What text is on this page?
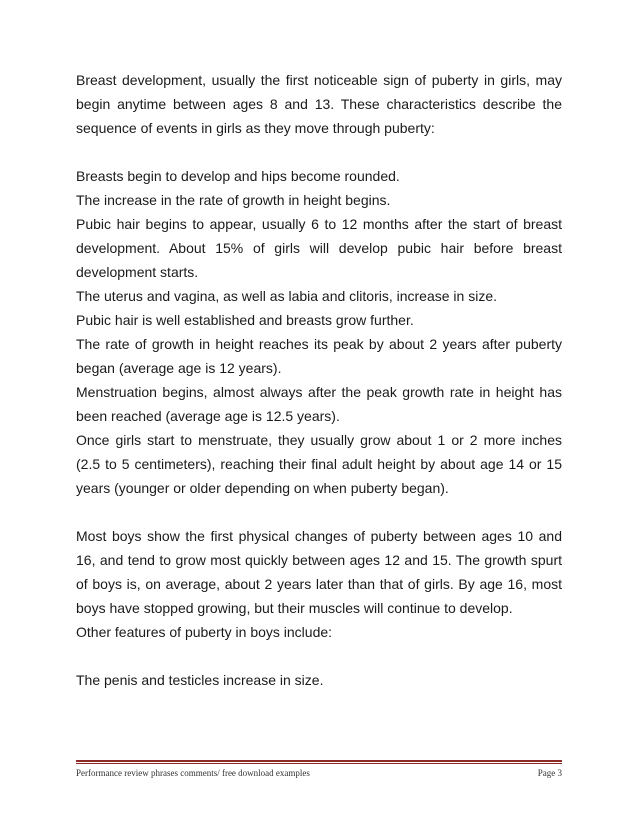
Breast development, usually the first noticeable sign of puberty in girls, may begin anytime between ages 8 and 13. These characteristics describe the sequence of events in girls as they move through puberty:

Breasts begin to develop and hips become rounded.

The increase in the rate of growth in height begins.

Pubic hair begins to appear, usually 6 to 12 months after the start of breast development. About 15% of girls will develop pubic hair before breast development starts.

The uterus and vagina, as well as labia and clitoris, increase in size.

Pubic hair is well established and breasts grow further.

The rate of growth in height reaches its peak by about 2 years after puberty began (average age is 12 years).

Menstruation begins, almost always after the peak growth rate in height has been reached (average age is 12.5 years).

Once girls start to menstruate, they usually grow about 1 or 2 more inches (2.5 to 5 centimeters), reaching their final adult height by about age 14 or 15 years (younger or older depending on when puberty began).

Most boys show the first physical changes of puberty between ages 10 and 16, and tend to grow most quickly between ages 12 and 15. The growth spurt of boys is, on average, about 2 years later than that of girls. By age 16, most boys have stopped growing, but their muscles will continue to develop.

Other features of puberty in boys include:

The penis and testicles increase in size.

Performance review phrases comments/ free download examples	Page 3
